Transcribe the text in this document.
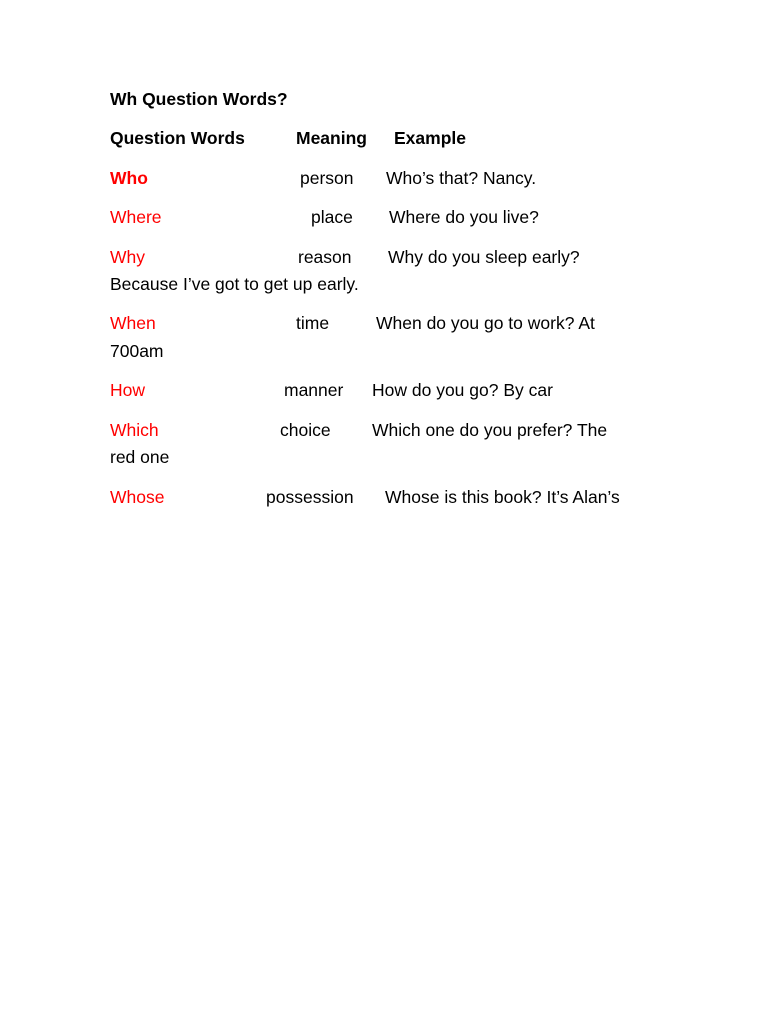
Wh Question Words?
Question Words	Meaning Example
Who	person Who’s that? Nancy.
Where	place Where do you live?
Why	reason Why do you sleep early?
Because I’ve got to get up early.
When	time	When do you go to work? At
700am
How	manner How do you go? By car
Which	choice Which one do you prefer? The
red one
Whose	possession Whose is this book? It’s Alan’s
